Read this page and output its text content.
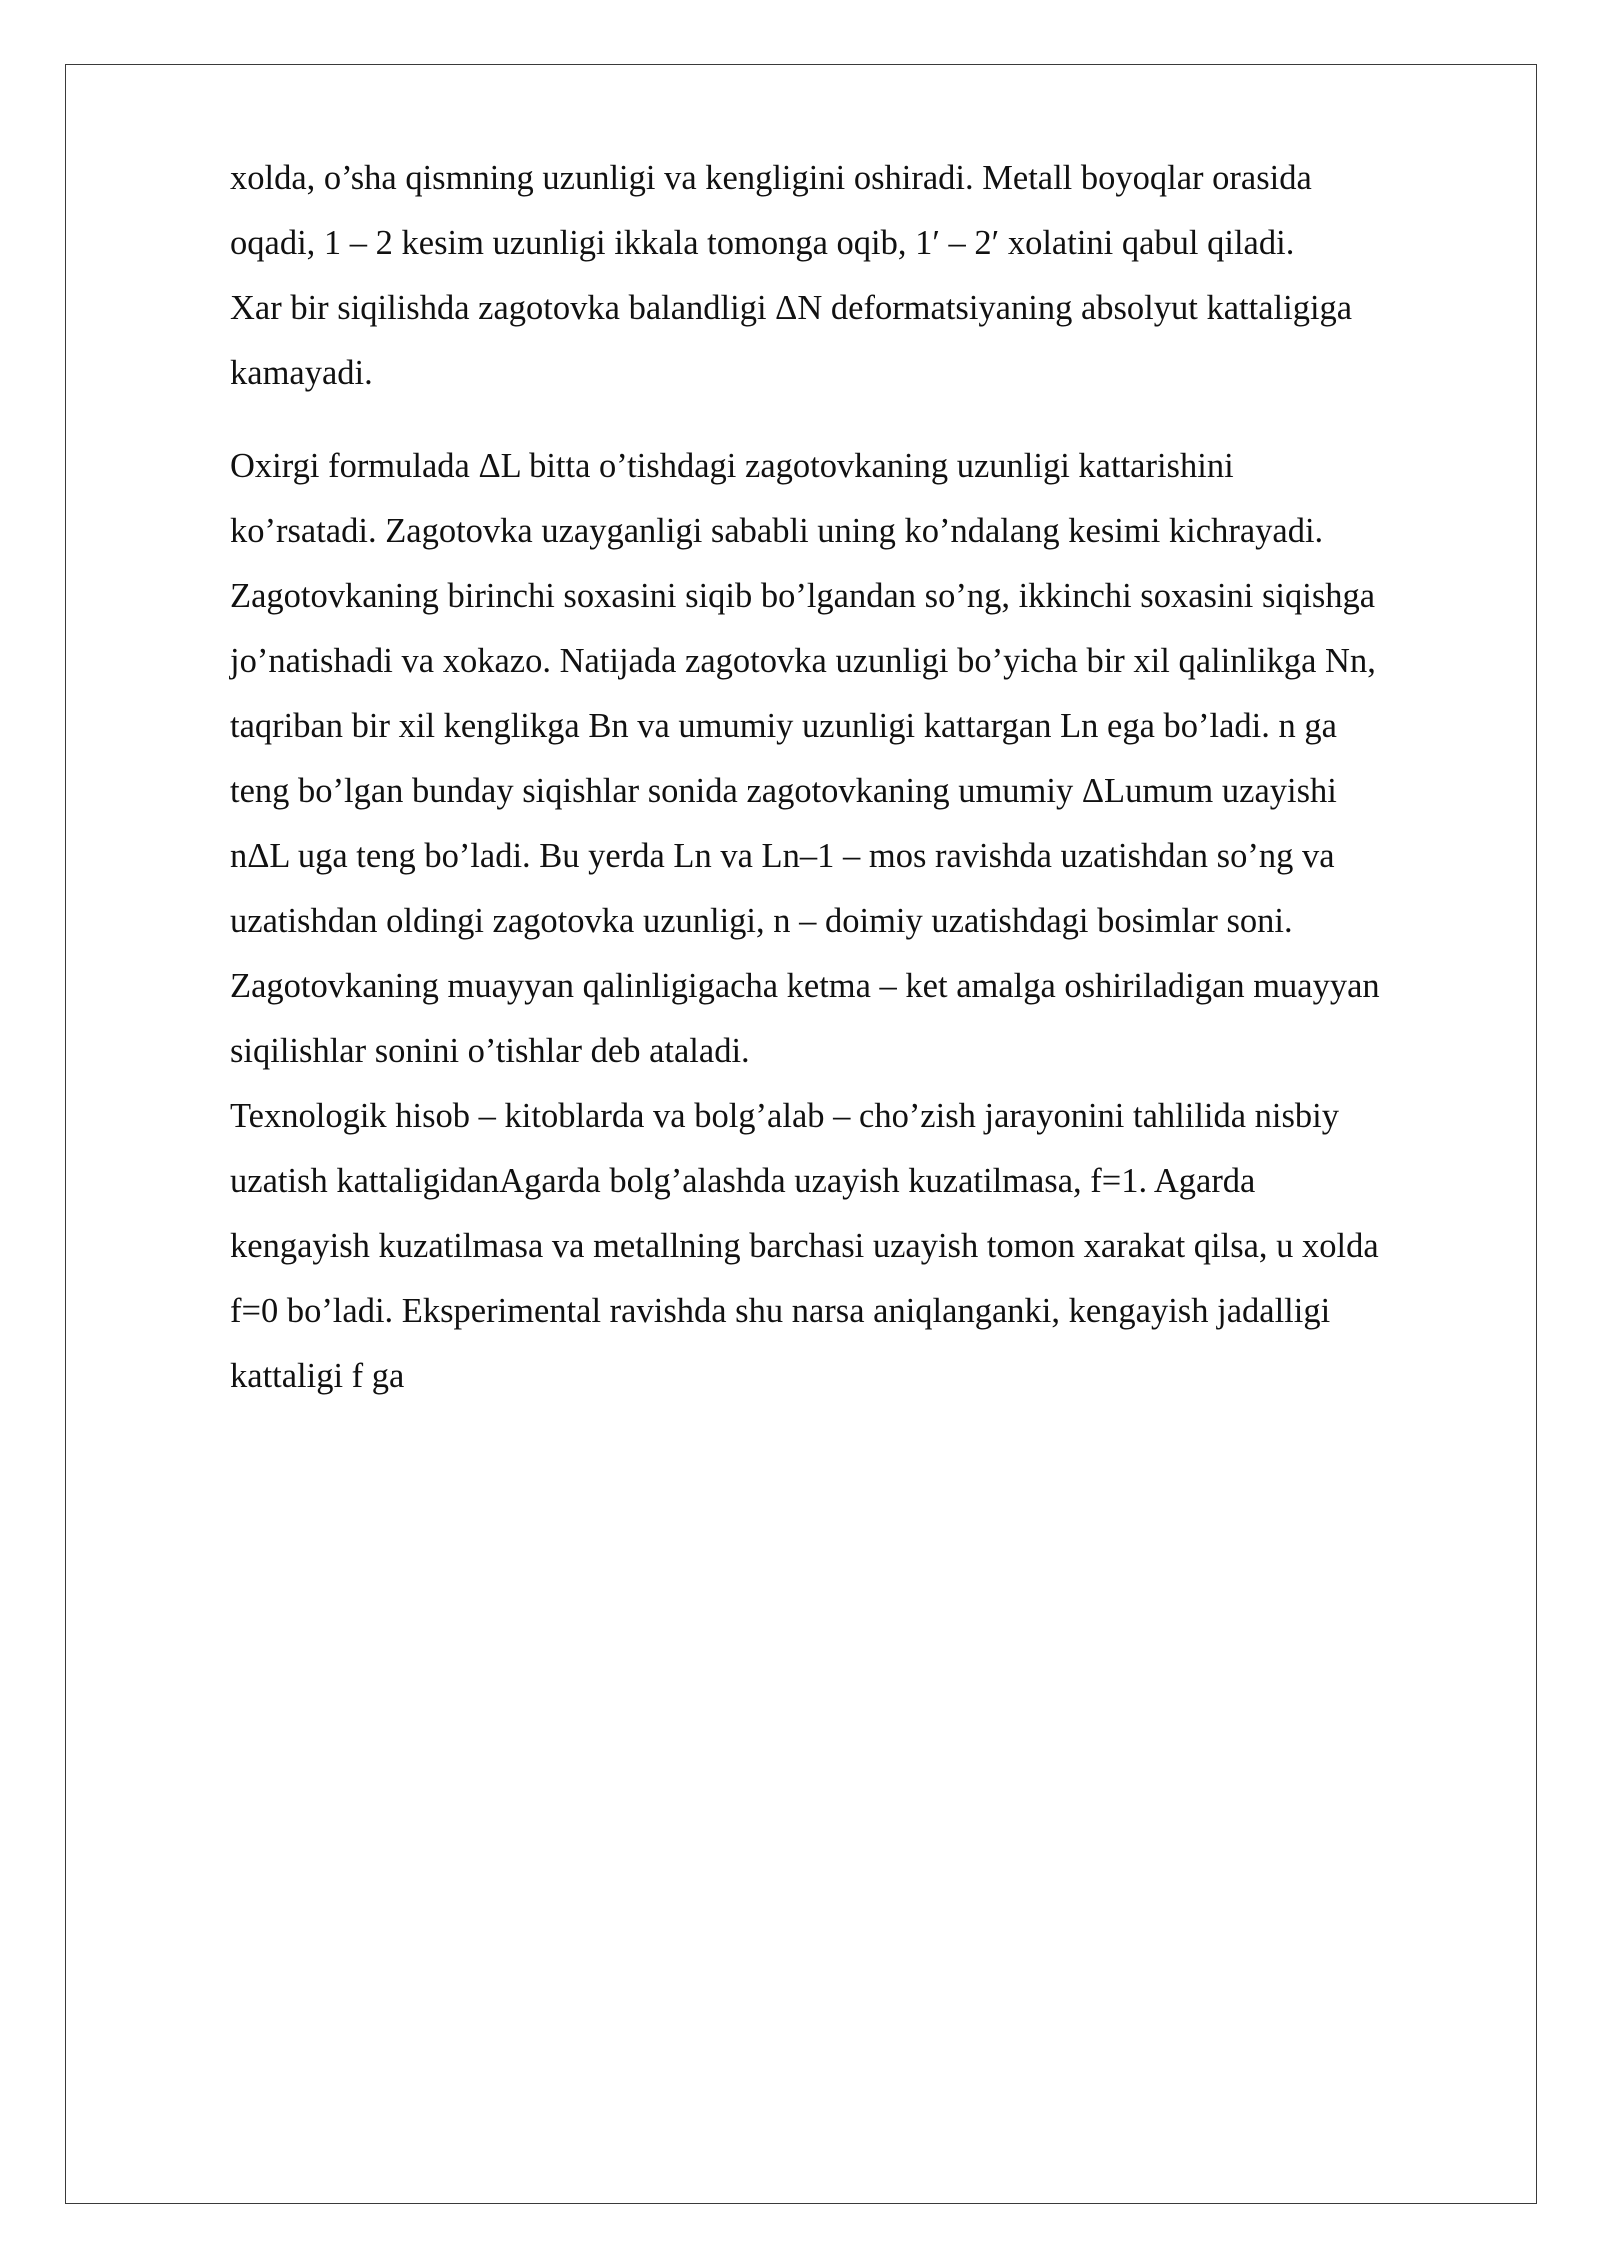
xolda, o’sha qismning uzunligi va kengligini oshiradi. Metall boyoqlar orasida
oqadi, 1 – 2 kesim uzunligi ikkala tomonga oqib, 1′ – 2′ xolatini qabul qiladi.
Xar bir siqilishda zagotovka balandligi ΔN deformatsiyaning absolyut kattaligiga
kamayadi.

Oxirgi formulada ΔL bitta o’tishdagi zagotovkaning uzunligi kattarishini
ko’rsatadi. Zagotovka uzayganligi sababli uning ko’ndalang kesimi kichrayadi.
Zagotovkaning birinchi soxasini siqib bo’lgandan so’ng, ikkinchi soxasini siqishga
jo’natishadi va xokazo. Natijada zagotovka uzunligi bo’yicha bir xil qalinlikga Nn,
taqriban bir xil kenglikga Bn va umumiy uzunligi kattargan Ln ega bo’ladi. n ga
teng bo’lgan bunday siqishlar sonida zagotovkaning umumiy ΔLumum uzayishi
nΔL uga teng bo’ladi. Bu yerda Ln va Ln–1 – mos ravishda uzatishdan so’ng va
uzatishdan oldingi zagotovka uzunligi, n – doimiy uzatishdagi bosimlar soni.
Zagotovkaning muayyan qalinligigacha ketma – ket amalga oshiriladigan muayyan
siqilishlar sonini o’tishlar deb ataladi.
Texnologik hisob – kitoblarda va bolg’alab – cho’zish jarayonini tahlilida nisbiy
uzatish kattaligidanAgarda bolg’alashda uzayish kuzatilmasa, f=1. Agarda
kengayish kuzatilmasa va metallning barchasi uzayish tomon xarakat qilsa, u xolda
f=0 bo’ladi. Eksperimental ravishda shu narsa aniqlanganki, kengayish jadalligi
kattaligi f ga
